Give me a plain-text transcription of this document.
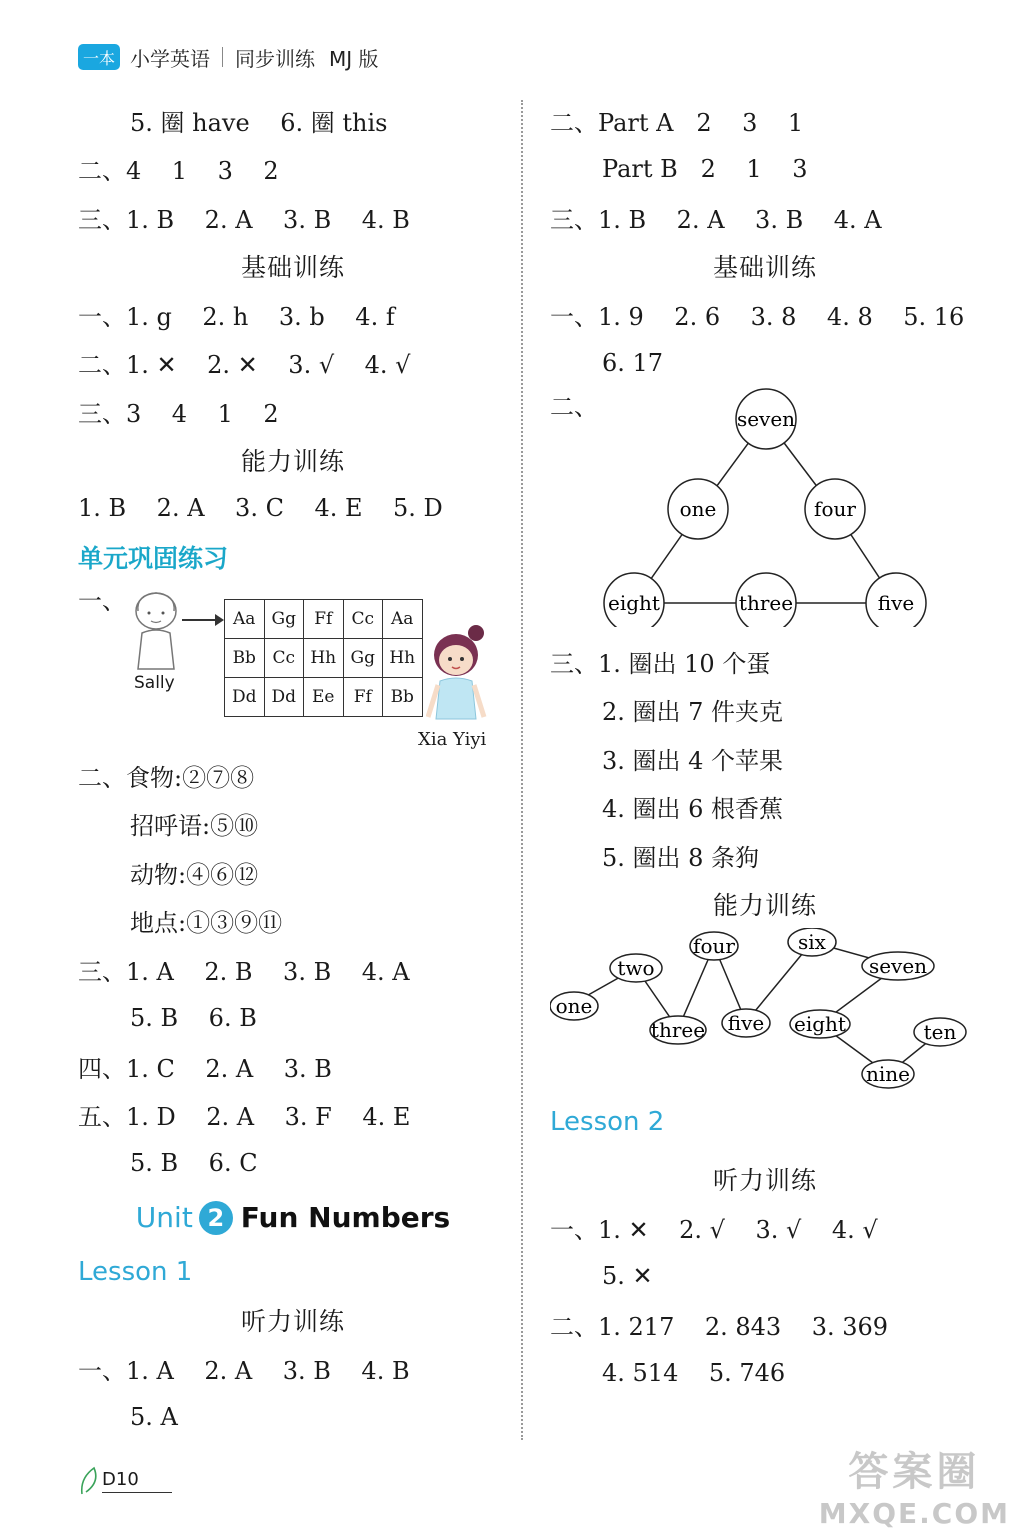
一本 小学英语 同步训练 MJ 版
5. 圈 have    6. 圈 this
二、4    1    3    2
三、1. B    2. A    3. B    4. B
基础训练
一、1. g    2. h    3. b    4. f
二、1. ✕    2. ✕    3. √    4. √
三、3    4    1    2
能力训练
1. B    2. A    3. C    4. E    5. D
单元巩固练习
一、
Sally
Aa	Gg	Ff	Cc	Aa
Bb	Cc	Hh	Gg	Hh
Dd	Dd	Ee	Ff	Bb
Xia Yiyi
二、食物:②⑦⑧
招呼语:⑤⑩
动物:④⑥⑫
地点:①③⑨⑪
三、1. A    2. B    3. B    4. A
5. B    6. B
四、1. C    2. A    3. B
五、1. D    2. A    3. F    4. E
5. B    6. C
Unit 2 Fun Numbers
Lesson 1
听力训练
一、1. A    2. A    3. B    4. B
5. A
二、Part A   2    3    1
Part B   2    1    3
三、1. B    2. A    3. B    4. A
基础训练
一、1. 9    2. 6    3. 8    4. 8    5. 16
6. 17
二、	seven
one	four
eight	three	five
三、1. 圈出 10 个蛋
2. 圈出 7 件夹克
3. 圈出 4 个苹果
4. 圈出 6 根香蕉
5. 圈出 8 条狗
能力训练
one
two
three
four
five
six
seven
eight
nine
ten
Lesson 2
听力训练
一、1. ✕    2. √    3. √    4. √
5. ✕
二、1. 217    2. 843    3. 369
4. 514    5. 746
D10	答案圈
MXQE.COM
